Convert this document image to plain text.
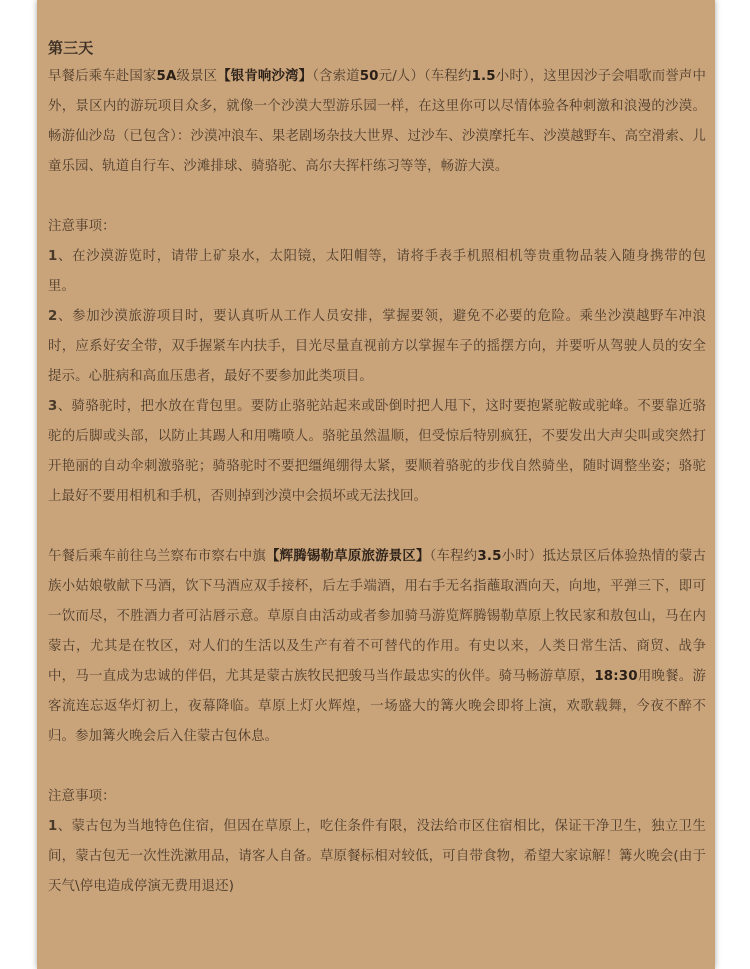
第三天

早餐后乘车赴国家5A级景区【银肯响沙湾】（含索道50元/人）（车程约1.5小时），这里因沙子会唱歌而誉声中外，景区内的游玩项目众多，就像一个沙漠大型游乐园一样，在这里你可以尽情体验各种刺激和浪漫的沙漠。畅游仙沙岛（已包含）：沙漠冲浪车、果老剧场杂技大世界、过沙车、沙漠摩托车、沙漠越野车、高空滑索、儿童乐园、轨道自行车、沙滩排球、骑骆驼、高尔夫挥杆练习等等，畅游大漠。

注意事项：

1、在沙漠游览时，请带上矿泉水，太阳镜，太阳帽等，请将手表手机照相机等贵重物品装入随身携带的包里。

2、参加沙漠旅游项目时，要认真听从工作人员安排，掌握要领，避免不必要的危险。乘坐沙漠越野车冲浪时，应系好安全带，双手握紧车内扶手，目光尽量直视前方以掌握车子的摇摆方向，并要听从驾驶人员的安全提示。心脏病和高血压患者，最好不要参加此类项目。

3、骑骆驼时，把水放在背包里。要防止骆驼站起来或卧倒时把人甩下，这时要抱紧驼鞍或驼峰。不要靠近骆驼的后脚或头部，以防止其踢人和用嘴喷人。骆驼虽然温顺，但受惊后特别疯狂，不要发出大声尖叫或突然打开艳丽的自动伞刺激骆驼；骑骆驼时不要把缰绳绷得太紧，要顺着骆驼的步伐自然骑坐，随时调整坐姿；骆驼上最好不要用相机和手机，否则掉到沙漠中会损坏或无法找回。

午餐后乘车前往乌兰察布市察右中旗【辉腾锡勒草原旅游景区】（车程约3.5小时）抵达景区后体验热情的蒙古族小姑娘敬献下马酒，饮下马酒应双手接杯，后左手端酒，用右手无名指蘸取酒向天，向地，平弹三下，即可一饮而尽，不胜酒力者可沾唇示意。草原自由活动或者参加骑马游览辉腾锡勒草原上牧民家和敖包山，马在内蒙古，尤其是在牧区，对人们的生活以及生产有着不可替代的作用。有史以来，人类日常生活、商贸、战争中，马一直成为忠诚的伴侣，尤其是蒙古族牧民把骏马当作最忠实的伙伴。骑马畅游草原，18:30用晚餐。游客流连忘返华灯初上，夜幕降临。草原上灯火辉煌，一场盛大的篝火晚会即将上演，欢歌载舞，今夜不醉不归。参加篝火晚会后入住蒙古包休息。

注意事项：

1、蒙古包为当地特色住宿，但因在草原上，吃住条件有限，没法给市区住宿相比，保证干净卫生，独立卫生间，蒙古包无一次性洗漱用品，请客人自备。草原餐标相对较低，可自带食物，希望大家谅解！篝火晚会(由于天气\停电造成停演无费用退还)
